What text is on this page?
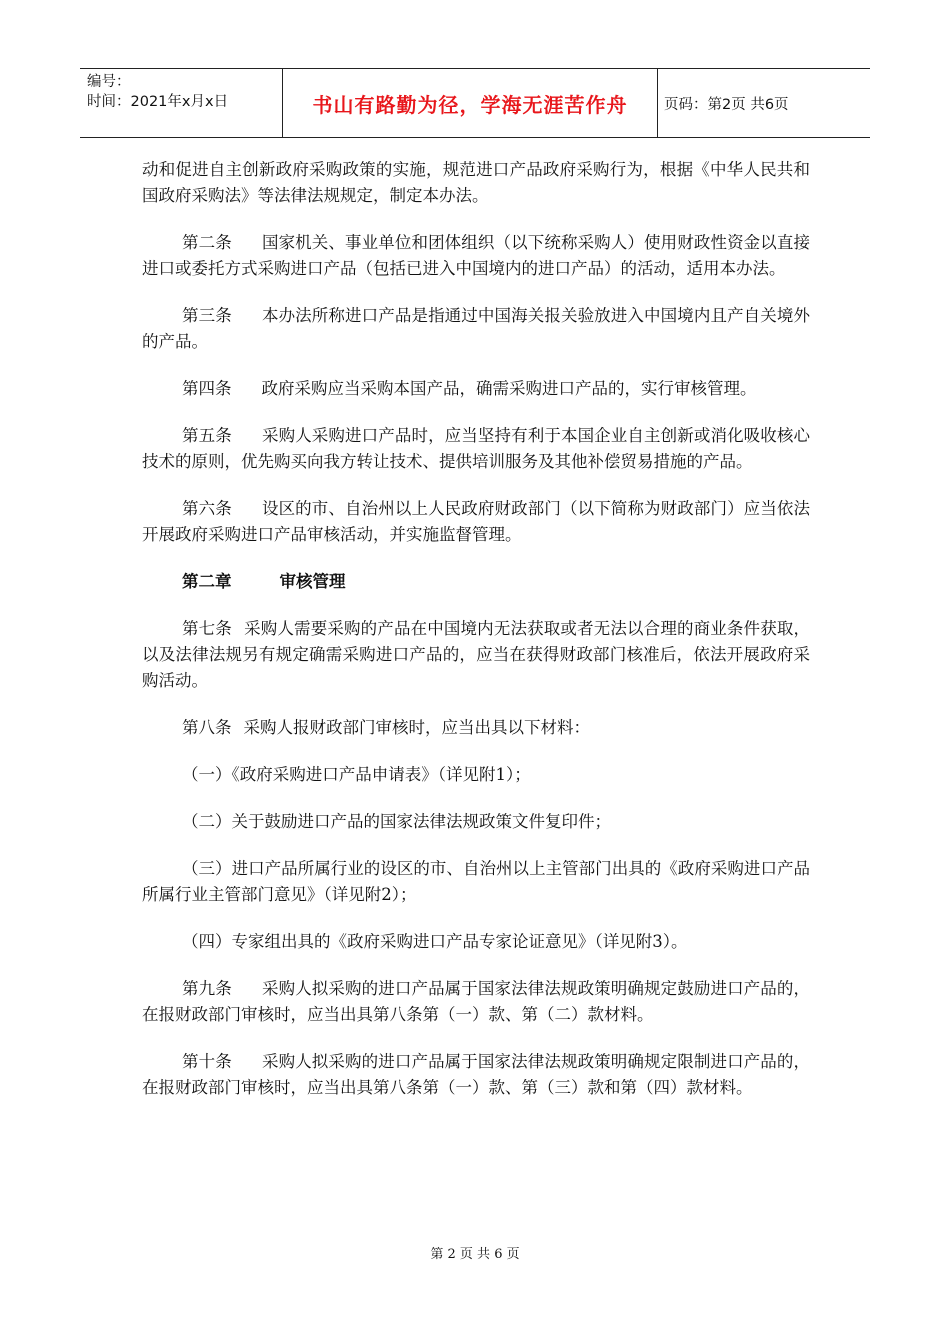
编号：
时间：2021年x月x日	书山有路勤为径，学海无涯苦作舟	页码：第2页 共6页

动和促进自主创新政府采购政策的实施，规范进口产品政府采购行为，根据《中华人民共和国政府采购法》等法律法规规定，制定本办法。

第二条 国家机关、事业单位和团体组织（以下统称采购人）使用财政性资金以直接进口或委托方式采购进口产品（包括已进入中国境内的进口产品）的活动，适用本办法。

第三条 本办法所称进口产品是指通过中国海关报关验放进入中国境内且产自关境外的产品。

第四条 政府采购应当采购本国产品，确需采购进口产品的，实行审核管理。

第五条 采购人采购进口产品时，应当坚持有利于本国企业自主创新或消化吸收核心技术的原则，优先购买向我方转让技术、提供培训服务及其他补偿贸易措施的产品。

第六条 设区的市、自治州以上人民政府财政部门（以下简称为财政部门）应当依法开展政府采购进口产品审核活动，并实施监督管理。

第二章	审核管理

第七条 采购人需要采购的产品在中国境内无法获取或者无法以合理的商业条件获取，以及法律法规另有规定确需采购进口产品的，应当在获得财政部门核准后，依法开展政府采购活动。

第八条 采购人报财政部门审核时，应当出具以下材料：

（一）《政府采购进口产品申请表》（详见附1）；

（二）关于鼓励进口产品的国家法律法规政策文件复印件；

（三）进口产品所属行业的设区的市、自治州以上主管部门出具的《政府采购进口产品所属行业主管部门意见》（详见附2）；

（四）专家组出具的《政府采购进口产品专家论证意见》（详见附3）。

第九条 采购人拟采购的进口产品属于国家法律法规政策明确规定鼓励进口产品的，在报财政部门审核时，应当出具第八条第（一）款、第（二）款材料。

第十条 采购人拟采购的进口产品属于国家法律法规政策明确规定限制进口产品的，在报财政部门审核时，应当出具第八条第（一）款、第（三）款和第（四）款材料。

第 2 页 共 6 页
